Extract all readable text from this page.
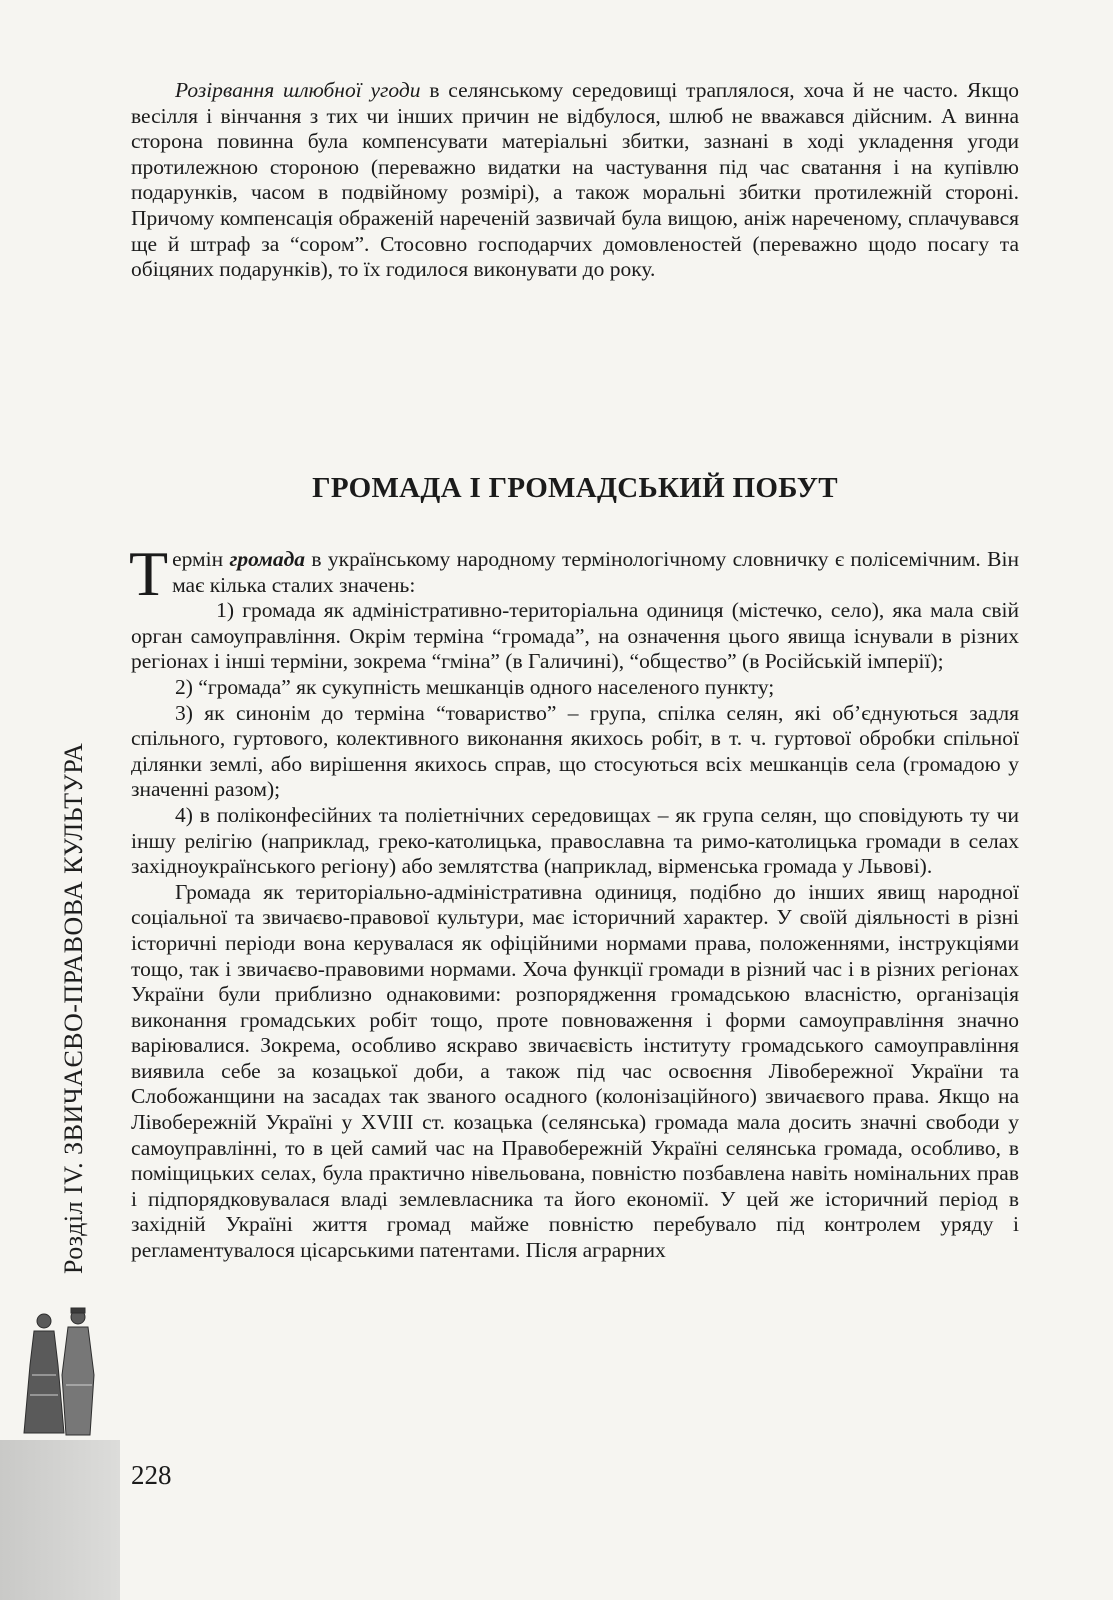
Розірвання шлюбної угоди в селянському середовищі траплялося, хоча й не часто. Якщо весілля і вінчання з тих чи інших причин не відбулося, шлюб не вважався дійсним. А винна сторона повинна була компенсувати матеріальні збитки, зазнані в ході укладення угоди протилежною стороною (переважно видатки на частування під час сватання і на купівлю подарунків, часом в подвійному розмірі), а також моральні збитки протилежній стороні. Причому компенсація ображеній нареченій зазвичай була вищою, аніж нареченому, сплачувався ще й штраф за “сором”. Стосовно господарчих домовленостей (переважно щодо посагу та обіцяних подарунків), то їх годилося виконувати до року.

ГРОМАДА І ГРОМАДСЬКИЙ ПОБУТ

Термін громада в українському народному термінологічному словничку є полісемічним. Він має кілька сталих значень:

1) громада як адміністративно-територіальна одиниця (містечко, село), яка мала свій орган самоуправління. Окрім терміна “громада”, на означення цього явища існували в різних регіонах і інші терміни, зокрема “гміна” (в Галичині), “общество” (в Російській імперії);

2) “громада” як сукупність мешканців одного населеного пункту;

3) як синонім до терміна “товариство” – група, спілка селян, які об’єднуються задля спільного, гуртового, колективного виконання якихось робіт, в т. ч. гуртової обробки спільної ділянки землі, або вирішення якихось справ, що стосуються всіх мешканців села (громадою у значенні разом);

4) в поліконфесійних та поліетнічних середовищах – як група селян, що сповідують ту чи іншу релігію (наприклад, греко-католицька, православна та римо-католицька громади в селах західноукраїнського регіону) або землятства (наприклад, вірменська громада у Львові).

Громада як територіально-адміністративна одиниця, подібно до інших явищ народної соціальної та звичаєво-правової культури, має історичний характер. У своїй діяльності в різні історичні періоди вона керувалася як офіційними нормами права, положеннями, інструкціями тощо, так і звичаєво-правовими нормами. Хоча функції громади в різний час і в різних регіонах України були приблизно однаковими: розпорядження громадською власністю, організація виконання громадських робіт тощо, проте повноваження і форми самоуправління значно варіювалися. Зокрема, особливо яскраво звичаєвість інституту громадського самоуправління виявила себе за козацької доби, а також під час освоєння Лівобережної України та Слобожанщини на засадах так званого осадного (колонізаційного) звичаєвого права. Якщо на Лівобережній Україні у XVIII ст. козацька (селянська) громада мала досить значні свободи у самоуправлінні, то в цей самий час на Правобережній Україні селянська громада, особливо, в поміщицьких селах, була практично нівельована, повністю позбавлена навіть номінальних прав і підпорядковувалася владі землевласника та його економії. У цей же історичний період в західній Україні життя громад майже повністю перебувало під контролем уряду і регламентувалося цісарськими патентами. Після аграрних

Розділ IV. ЗВИЧАЄВО-ПРАВОВА КУЛЬТУРА
228
